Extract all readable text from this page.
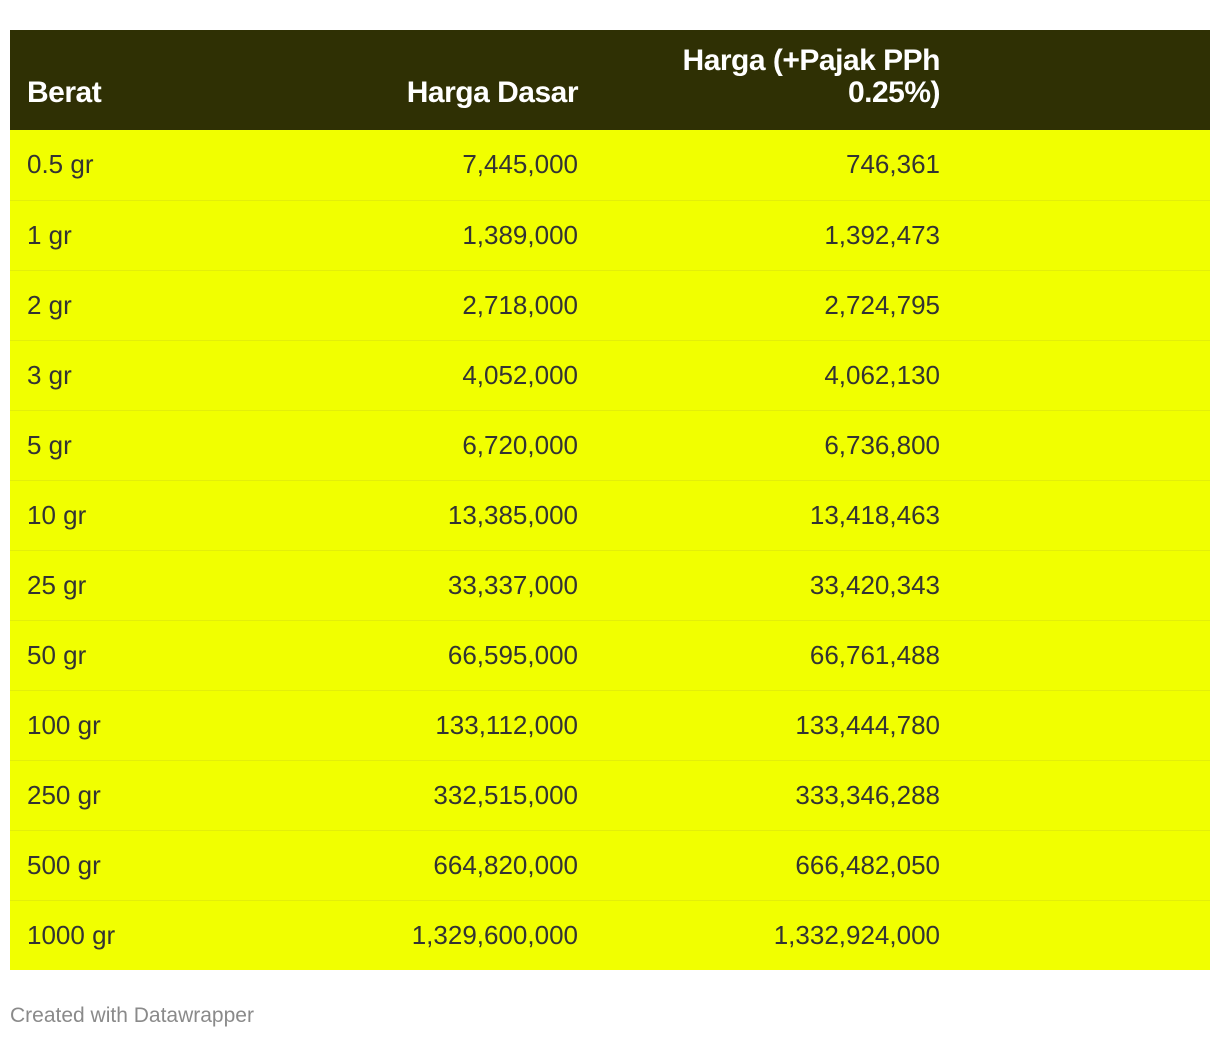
Berat	Harga Dasar	Harga (+Pajak PPh
0.25%)	
0.5 gr	7,445,000	746,361	
1 gr	1,389,000	1,392,473	
2 gr	2,718,000	2,724,795	
3 gr	4,052,000	4,062,130	
5 gr	6,720,000	6,736,800	
10 gr	13,385,000	13,418,463	
25 gr	33,337,000	33,420,343	
50 gr	66,595,000	66,761,488	
100 gr	133,112,000	133,444,780	
250 gr	332,515,000	333,346,288	
500 gr	664,820,000	666,482,050	
1000 gr	1,329,600,000	1,332,924,000	
Created with Datawrapper
